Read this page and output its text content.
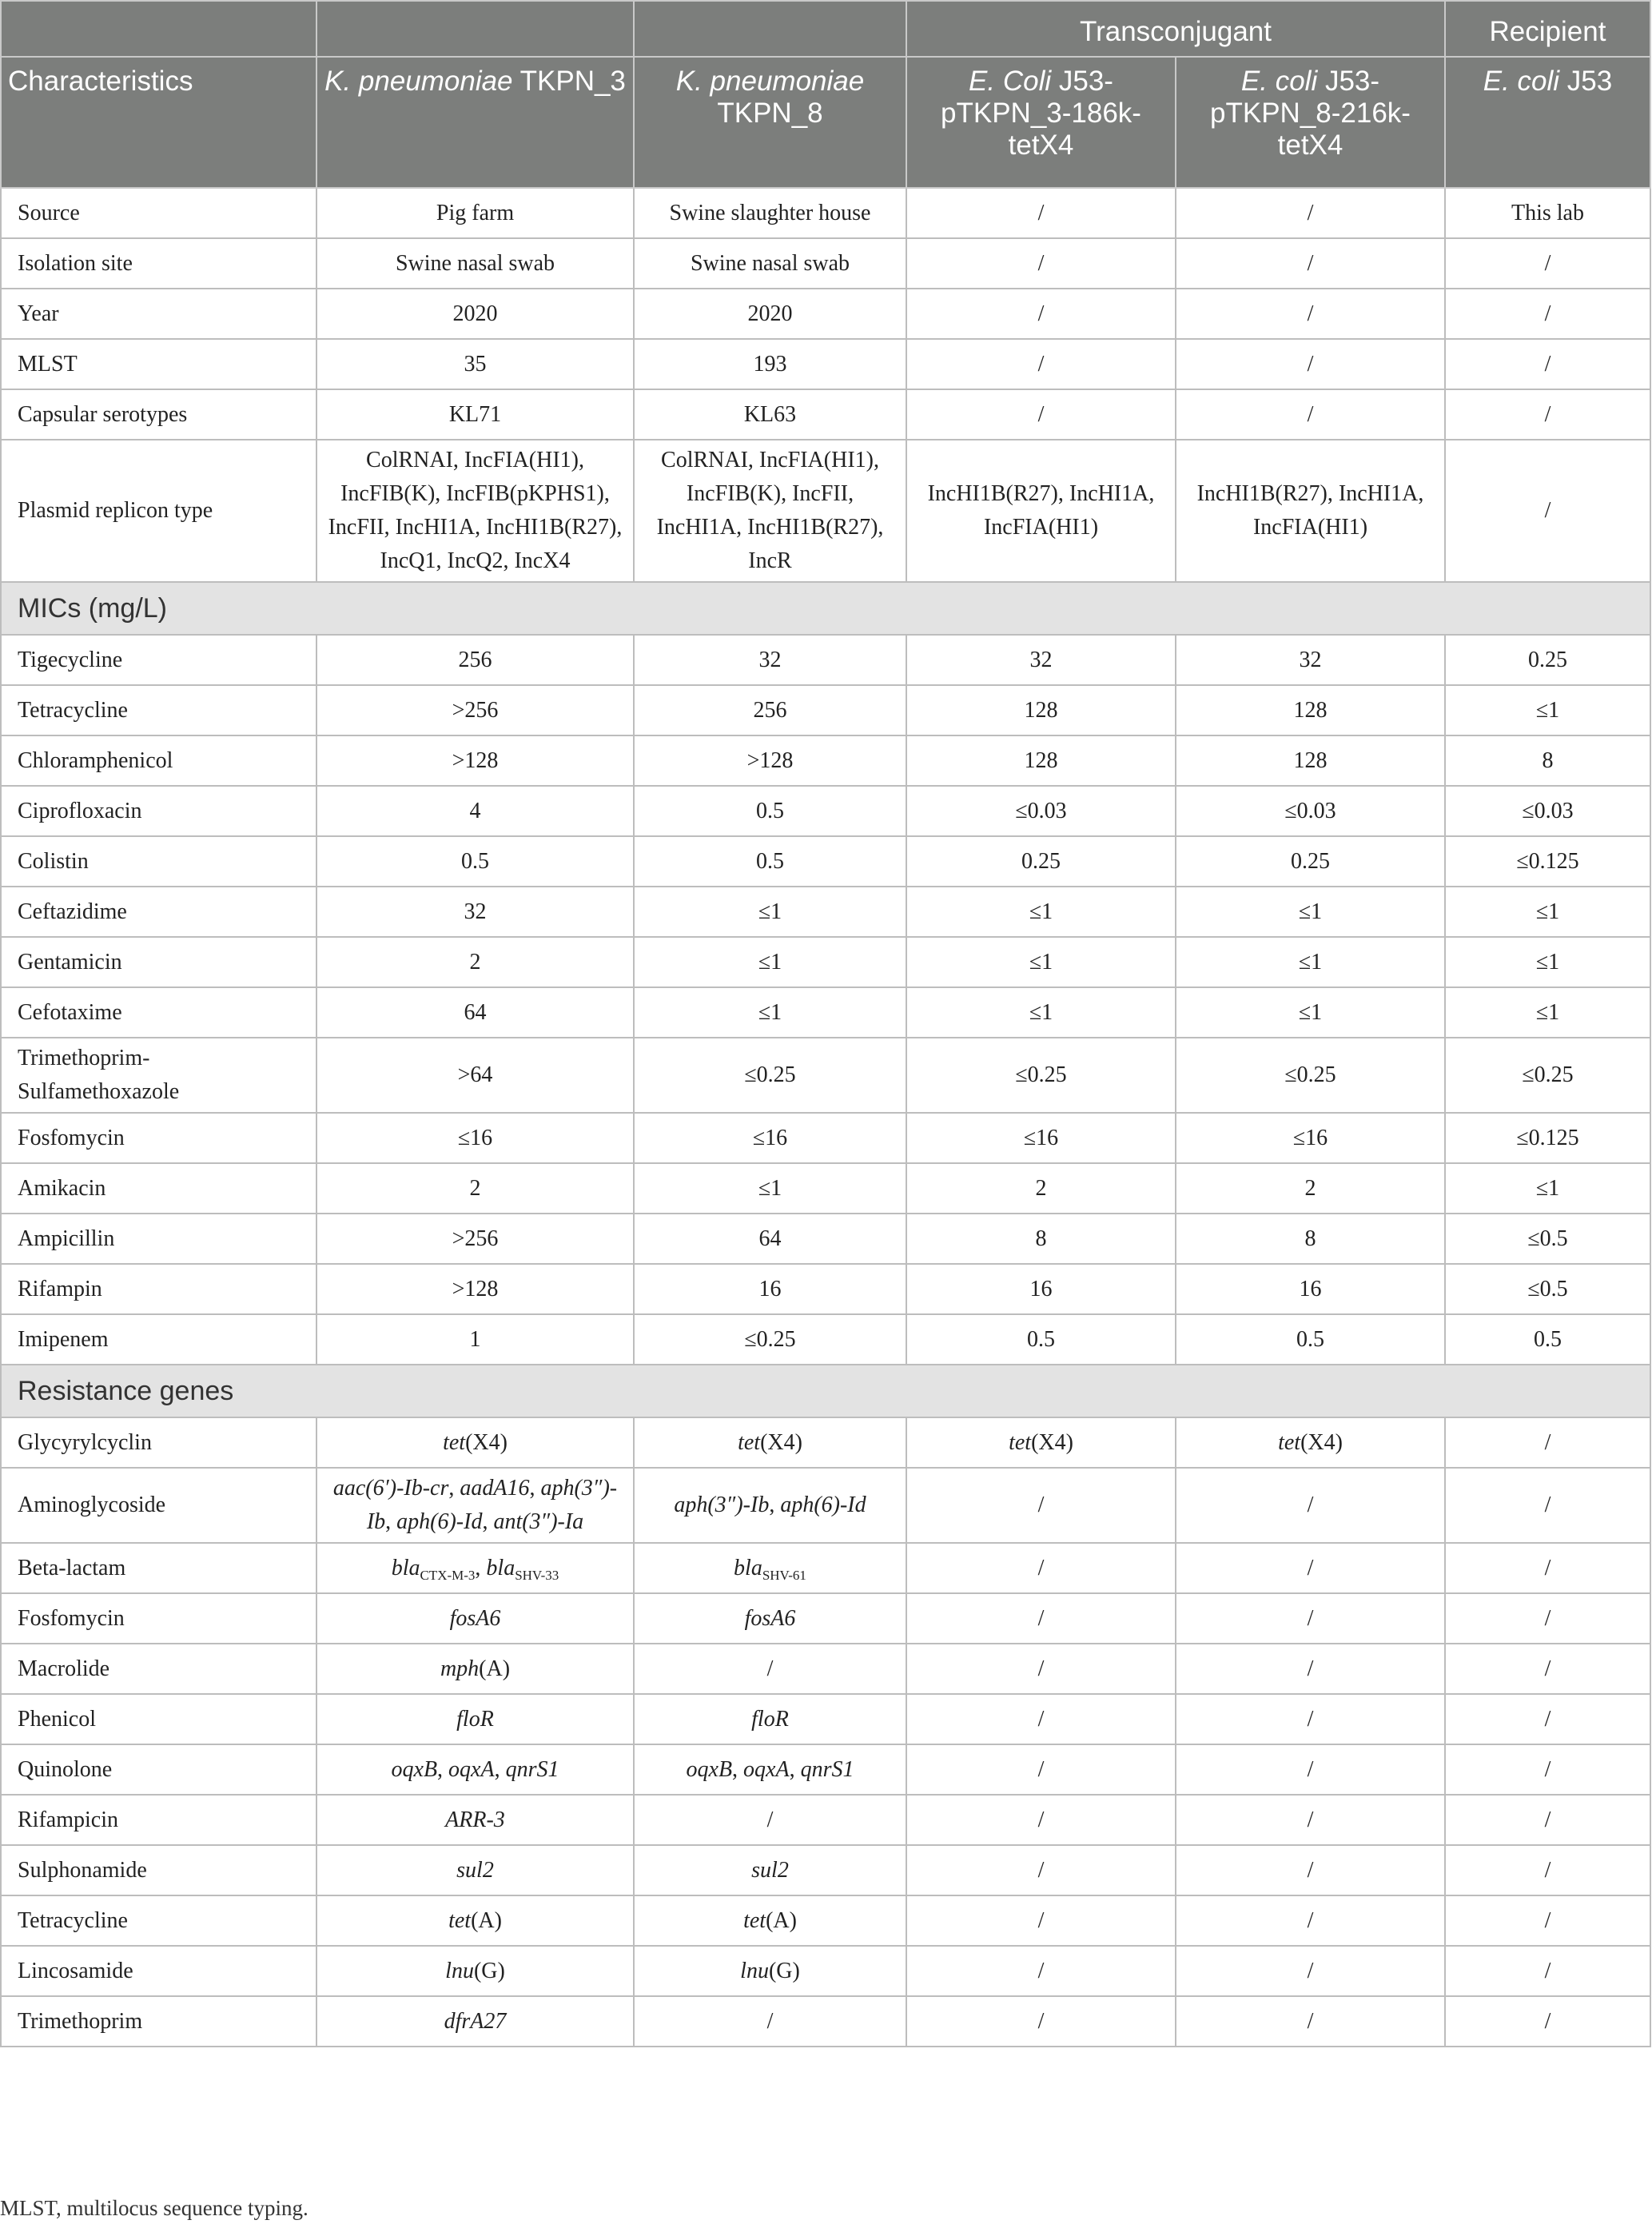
			Transconjugant		Recipient
Characteristics	K. pneumoniae TKPN_3	K. pneumoniae TKPN_8	E. Coli J53-pTKPN_3-186k-tetX4	E. coli J53-pTKPN_8-216k-tetX4	E. coli J53
Source	Pig farm	Swine slaughter house	/	/	This lab
Isolation site	Swine nasal swab	Swine nasal swab	/	/	/
Year	2020	2020	/	/	/
MLST	35	193	/	/	/
Capsular serotypes	KL71	KL63	/	/	/
Plasmid replicon type	ColRNAI, IncFIA(HI1), IncFIB(K), IncFIB(pKPHS1), IncFII, IncHI1A, IncHI1B(R27), IncQ1, IncQ2, IncX4	ColRNAI, IncFIA(HI1), IncFIB(K), IncFII, IncHI1A, IncHI1B(R27), IncR	IncHI1B(R27), IncHI1A, IncFIA(HI1)	IncHI1B(R27), IncHI1A, IncFIA(HI1)	/
MICs (mg/L)					
Tigecycline	256	32	32	32	0.25
Tetracycline	>256	256	128	128	≤1
Chloramphenicol	>128	>128	128	128	8
Ciprofloxacin	4	0.5	≤0.03	≤0.03	≤0.03
Colistin	0.5	0.5	0.25	0.25	≤0.125
Ceftazidime	32	≤1	≤1	≤1	≤1
Gentamicin	2	≤1	≤1	≤1	≤1
Cefotaxime	64	≤1	≤1	≤1	≤1
Trimethoprim-Sulfamethoxazole	>64	≤0.25	≤0.25	≤0.25	≤0.25
Fosfomycin	≤16	≤16	≤16	≤16	≤0.125
Amikacin	2	≤1	2	2	≤1
Ampicillin	>256	64	8	8	≤0.5
Rifampin	>128	16	16	16	≤0.5
Imipenem	1	≤0.25	0.5	0.5	0.5
Resistance genes					
Glycyrylcyclin	tet(X4)	tet(X4)	tet(X4)	tet(X4)	/
Aminoglycoside	aac(6′)-Ib-cr, aadA16, aph(3″)-Ib, aph(6)-Id, ant(3″)-Ia	aph(3″)-Ib, aph(6)-Id	/	/	/
Beta-lactam	bla$_{CTX-M-3}$, bla$_{SHV-33}$	bla$_{SHV-61}$	/	/	/
Fosfomycin	fosA6	fosA6	/	/	/
Macrolide	mph(A)	/	/	/	/
Phenicol	floR	floR	/	/	/
Quinolone	oqxB, oqxA, qnrS1	oqxB, oqxA, qnrS1	/	/	/
Rifampicin	ARR-3	/	/	/	/
Sulphonamide	sul2	sul2	/	/	/
Tetracycline	tet(A)	tet(A)	/	/	/
Lincosamide	lnu(G)	lnu(G)	/	/	/
Trimethoprim	dfrA27	/	/	/	/
MLST, multilocus sequence typing.
